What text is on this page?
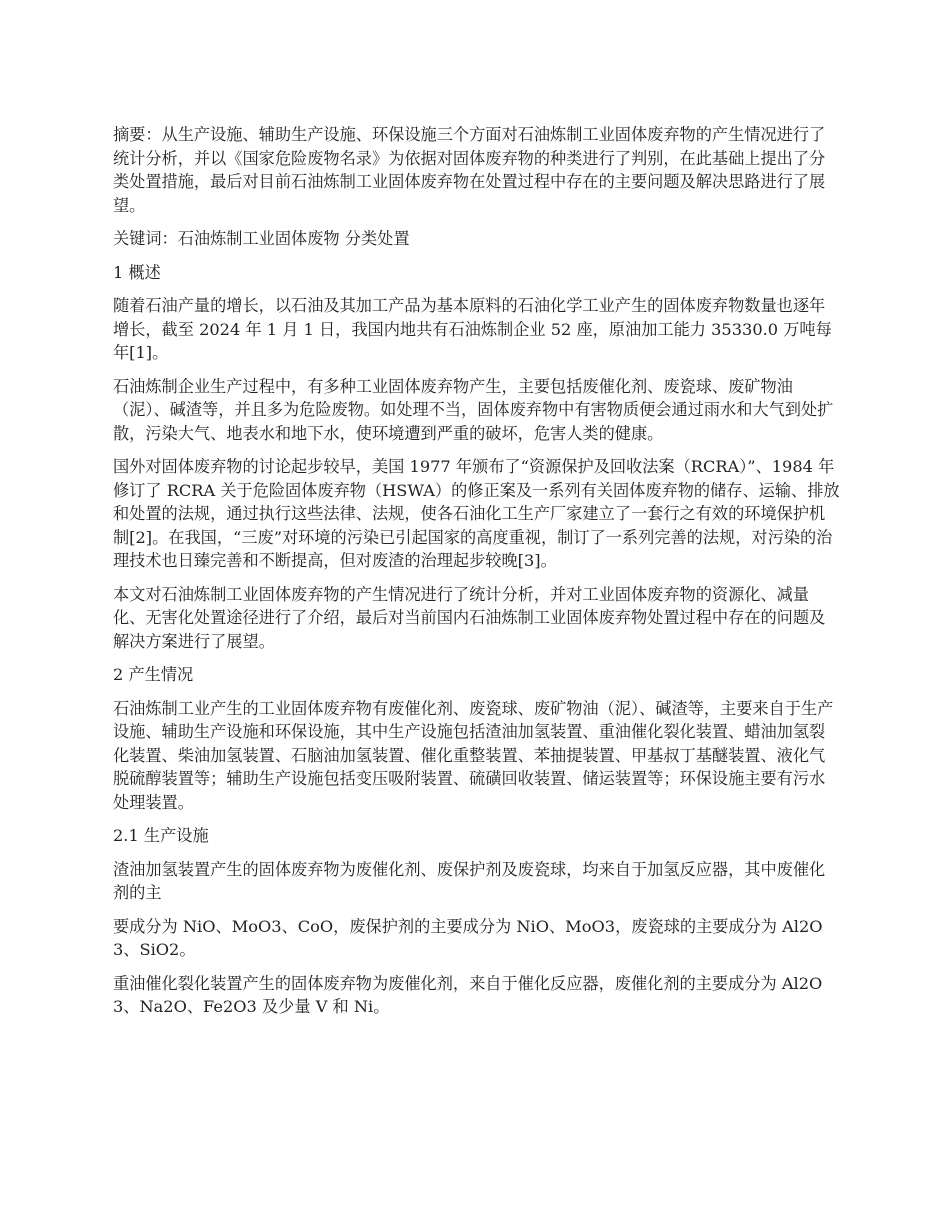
摘要：从生产设施、辅助生产设施、环保设施三个方面对石油炼制工业固体废弃物的产生情况进行了统计分析，并以《国家危险废物名录》为依据对固体废弃物的种类进行了判别，在此基础上提出了分类处置措施，最后对目前石油炼制工业固体废弃物在处置过程中存在的主要问题及解决思路进行了展望。

关键词：石油炼制工业固体废物 分类处置

1 概述

随着石油产量的增长，以石油及其加工产品为基本原料的石油化学工业产生的固体废弃物数量也逐年增长，截至 2024 年 1 月 1 日，我国内地共有石油炼制企业 52 座，原油加工能力 35330.0 万吨每年[1]。

石油炼制企业生产过程中，有多种工业固体废弃物产生，主要包括废催化剂、废瓷球、废矿物油（泥）、碱渣等，并且多为危险废物。如处理不当，固体废弃物中有害物质便会通过雨水和大气到处扩散，污染大气、地表水和地下水，使环境遭到严重的破坏，危害人类的健康。

国外对固体废弃物的讨论起步较早，美国 1977 年颁布了“资源保护及回收法案（RCRA）”、1984 年修订了 RCRA 关于危险固体废弃物（HSWA）的修正案及一系列有关固体废弃物的储存、运输、排放和处置的法规，通过执行这些法律、法规，使各石油化工生产厂家建立了一套行之有效的环境保护机制[2]。在我国，“三废”对环境的污染已引起国家的高度重视，制订了一系列完善的法规，对污染的治理技术也日臻完善和不断提高，但对废渣的治理起步较晚[3]。

本文对石油炼制工业固体废弃物的产生情况进行了统计分析，并对工业固体废弃物的资源化、减量化、无害化处置途径进行了介绍，最后对当前国内石油炼制工业固体废弃物处置过程中存在的问题及解决方案进行了展望。

2 产生情况

石油炼制工业产生的工业固体废弃物有废催化剂、废瓷球、废矿物油（泥）、碱渣等，主要来自于生产设施、辅助生产设施和环保设施，其中生产设施包括渣油加氢装置、重油催化裂化装置、蜡油加氢裂化装置、柴油加氢装置、石脑油加氢装置、催化重整装置、苯抽提装置、甲基叔丁基醚装置、液化气脱硫醇装置等；辅助生产设施包括变压吸附装置、硫磺回收装置、储运装置等；环保设施主要有污水处理装置。

2.1 生产设施

渣油加氢装置产生的固体废弃物为废催化剂、废保护剂及废瓷球，均来自于加氢反应器，其中废催化剂的主

要成分为 NiO、MoO3、CoO，废保护剂的主要成分为 NiO、MoO3，废瓷球的主要成分为 Al2O3、SiO2。

重油催化裂化装置产生的固体废弃物为废催化剂，来自于催化反应器，废催化剂的主要成分为 Al2O3、Na2O、Fe2O3 及少量 V 和 Ni。
